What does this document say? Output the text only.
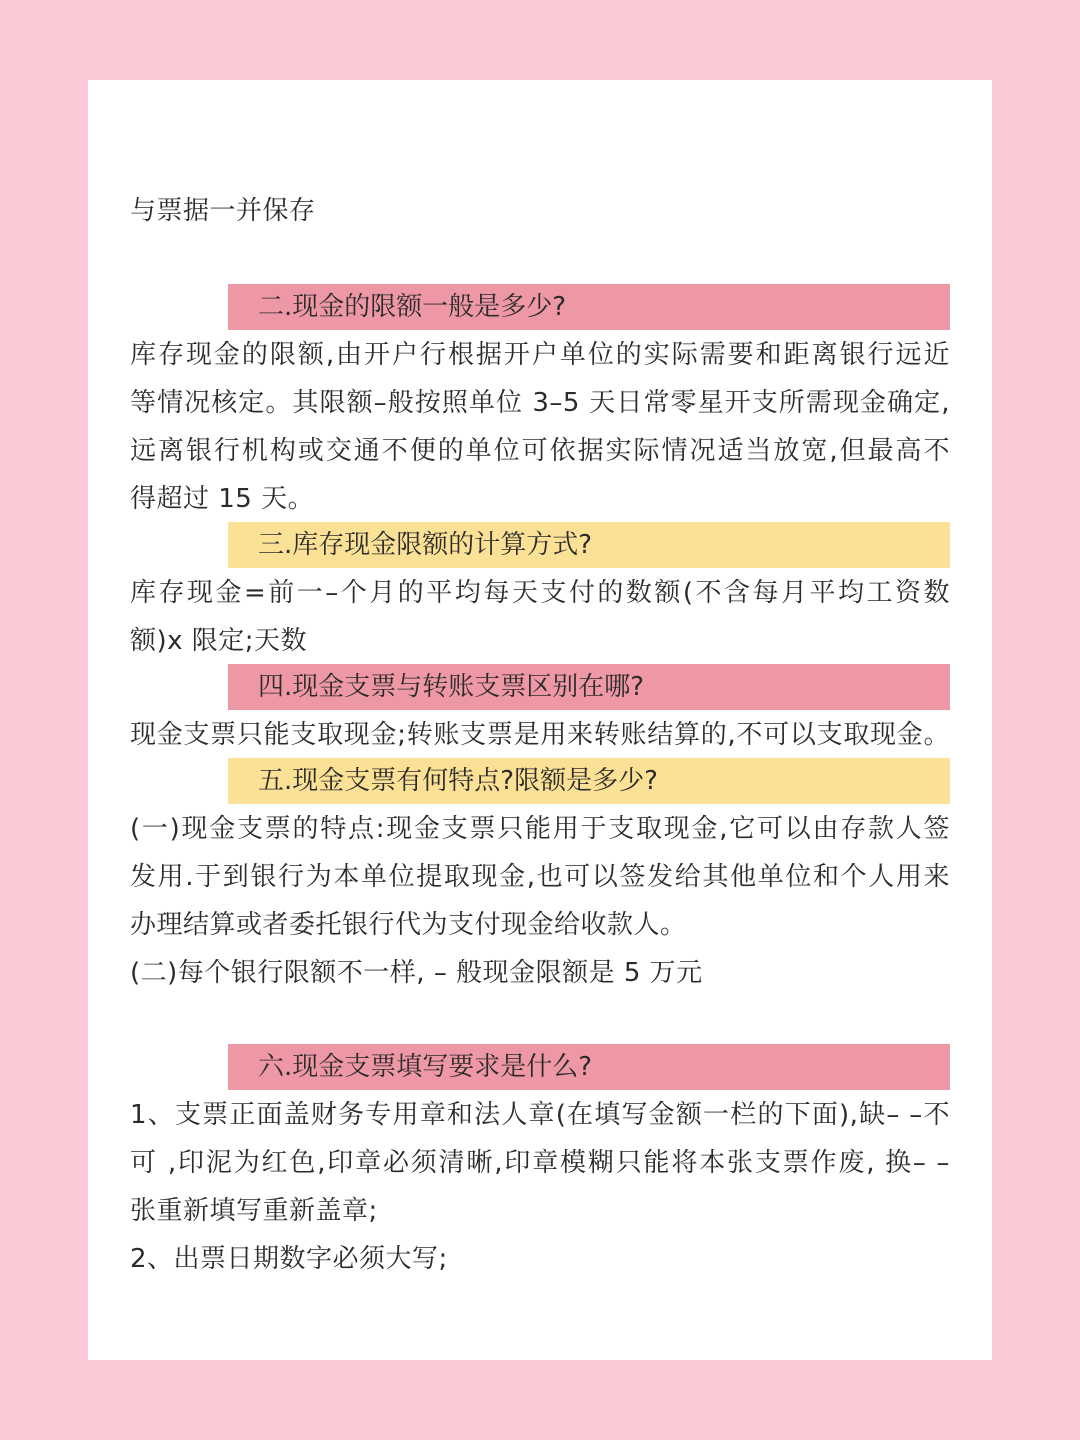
与票据一并保存
二.现金的限额一般是多少?
库存现金的限额,由开户行根据开户单位的实际需要和距离银行远近
等情况核定。其限额–般按照单位 3–5 天日常零星开支所需现金确定,
远离银行机构或交通不便的单位可依据实际情况适当放宽,但最高不
得超过 15 天。
三.库存现金限额的计算方式?
库存现金=前一–个月的平均每天支付的数额(不含每月平均工资数
额)x 限定;天数
四.现金支票与转账支票区别在哪?
现金支票只能支取现金;转账支票是用来转账结算的,不可以支取现金。
五.现金支票有何特点?限额是多少?
(一)现金支票的特点:现金支票只能用于支取现金,它可以由存款人签
发用.于到银行为本单位提取现金,也可以签发给其他单位和个人用来
办理结算或者委托银行代为支付现金给收款人。
(二)每个银行限额不一样, – 般现金限额是 5 万元
六.现金支票填写要求是什么?
1、支票正面盖财务专用章和法人章(在填写金额一栏的下面),缺– –不
可 ,印泥为红色,印章必须清晰,印章模糊只能将本张支票作废, 换– –
张重新填写重新盖章;
2、出票日期数字必须大写;
